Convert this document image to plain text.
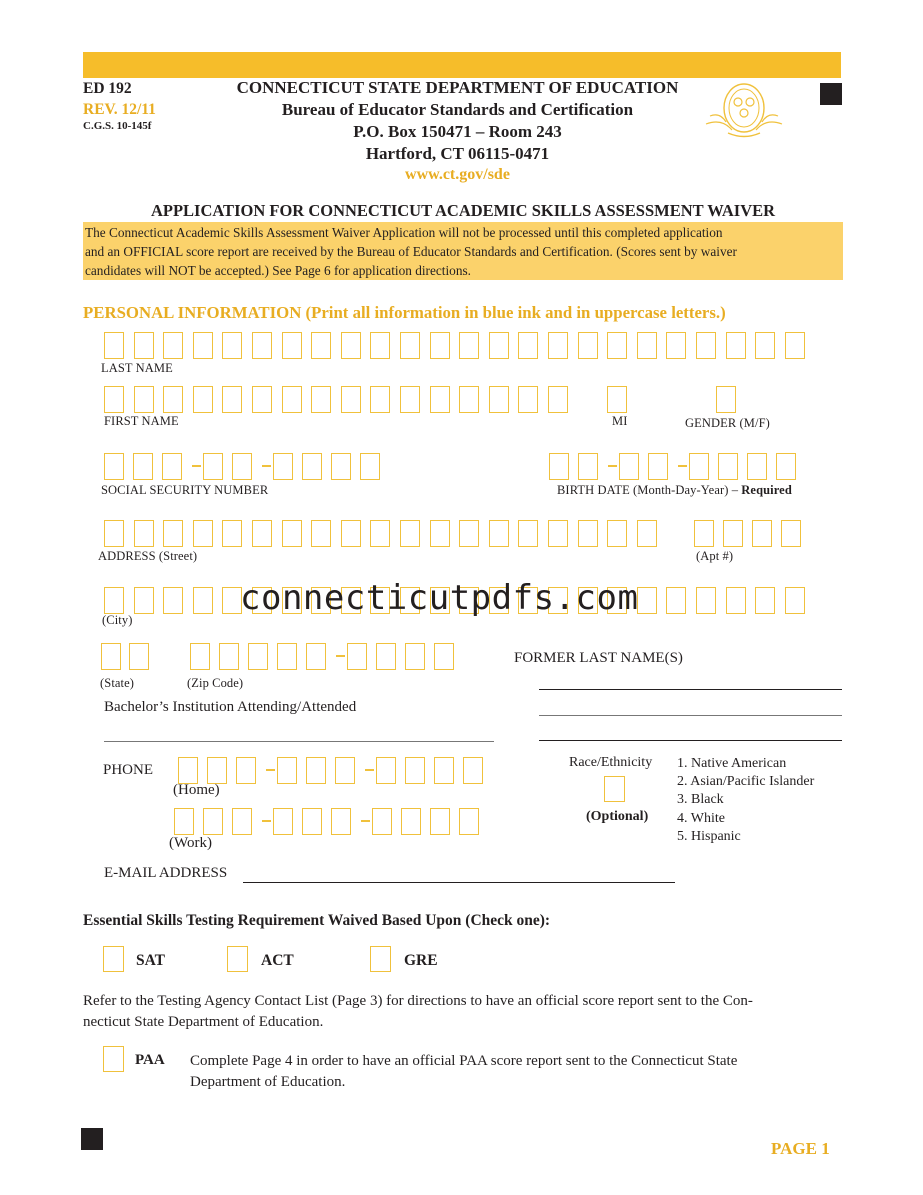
ED 192
REV. 12/11
C.G.S. 10-145f
CONNECTICUT STATE DEPARTMENT OF EDUCATION
Bureau of Educator Standards and Certification
P.O. Box 150471 – Room 243
Hartford, CT 06115-0471
www.ct.gov/sde
APPLICATION FOR CONNECTICUT ACADEMIC SKILLS ASSESSMENT WAIVER
The Connecticut Academic Skills Assessment Waiver Application will not be processed until this completed application
and an OFFICIAL score report are received by the Bureau of Educator Standards and Certification. (Scores sent by waiver
candidates will NOT be accepted.) See Page 6 for application directions.
PERSONAL INFORMATION (Print all information in blue ink and in uppercase letters.)
LAST NAME
FIRST NAME	MI	GENDER (M/F)
SOCIAL SECURITY NUMBER	BIRTH DATE (Month-Day-Year) – Required
ADDRESS (Street)	(Apt #)
connecticutpdfs.com
(City)
(State)	(Zip Code)
FORMER LAST NAME(S)
Bachelor’s Institution Attending/Attended
PHONE
(Home)
(Work)
Race/Ethnicity
(Optional)
1. Native American
2. Asian/Pacific Islander
3. Black
4. White
5. Hispanic
E-MAIL ADDRESS
Essential Skills Testing Requirement Waived Based Upon (Check one):
SAT	ACT	GRE
Refer to the Testing Agency Contact List (Page 3) for directions to have an official score report sent to the Con-
necticut State Department of Education.
PAA Complete Page 4 in order to have an official PAA score report sent to the Connecticut State
Department of Education.
PAGE 1
